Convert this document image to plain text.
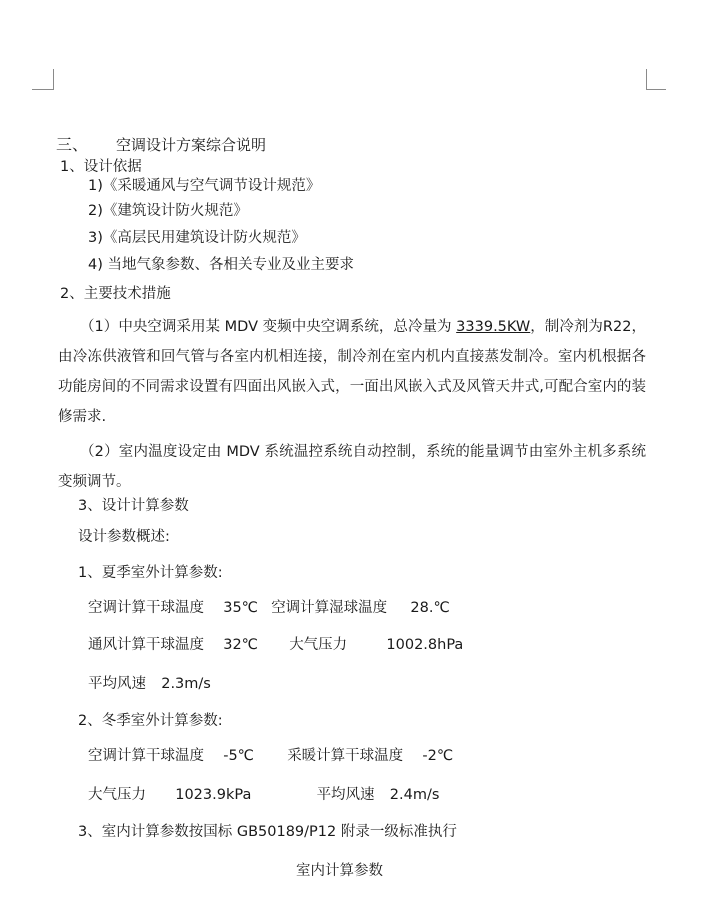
三、 空调设计方案综合说明
1、设计依据
1)《采暖通风与空气调节设计规范》
2)《建筑设计防火规范》
3)《高层民用建筑设计防火规范》
4) 当地气象参数、各相关专业及业主要求
2、主要技术措施
（1）中央空调采用某 MDV 变频中央空调系统，总冷量为 3339.5KW，制冷剂为R22，由冷冻供液管和回气管与各室内机相连接，制冷剂在室内机内直接蒸发制冷。室内机根据各功能房间的不同需求设置有四面出风嵌入式，一面出风嵌入式及风管天井式,可配合室内的装修需求.
（2）室内温度设定由 MDV 系统温控系统自动控制，系统的能量调节由室外主机多系统变频调节。
3、设计计算参数
设计参数概述:
1、夏季室外计算参数:
空调计算干球温度 35℃ 空调计算湿球温度 28.℃
通风计算干球温度 32℃ 大气压力	1002.8hPa
平均风速 2.3m/s
2、冬季室外计算参数:
空调计算干球温度 -5℃ 采暖计算干球温度 -2℃
大气压力 1023.9kPa	平均风速 2.4m/s
3、室内计算参数按国标 GB50189/P12 附录一级标准执行
室内计算参数
